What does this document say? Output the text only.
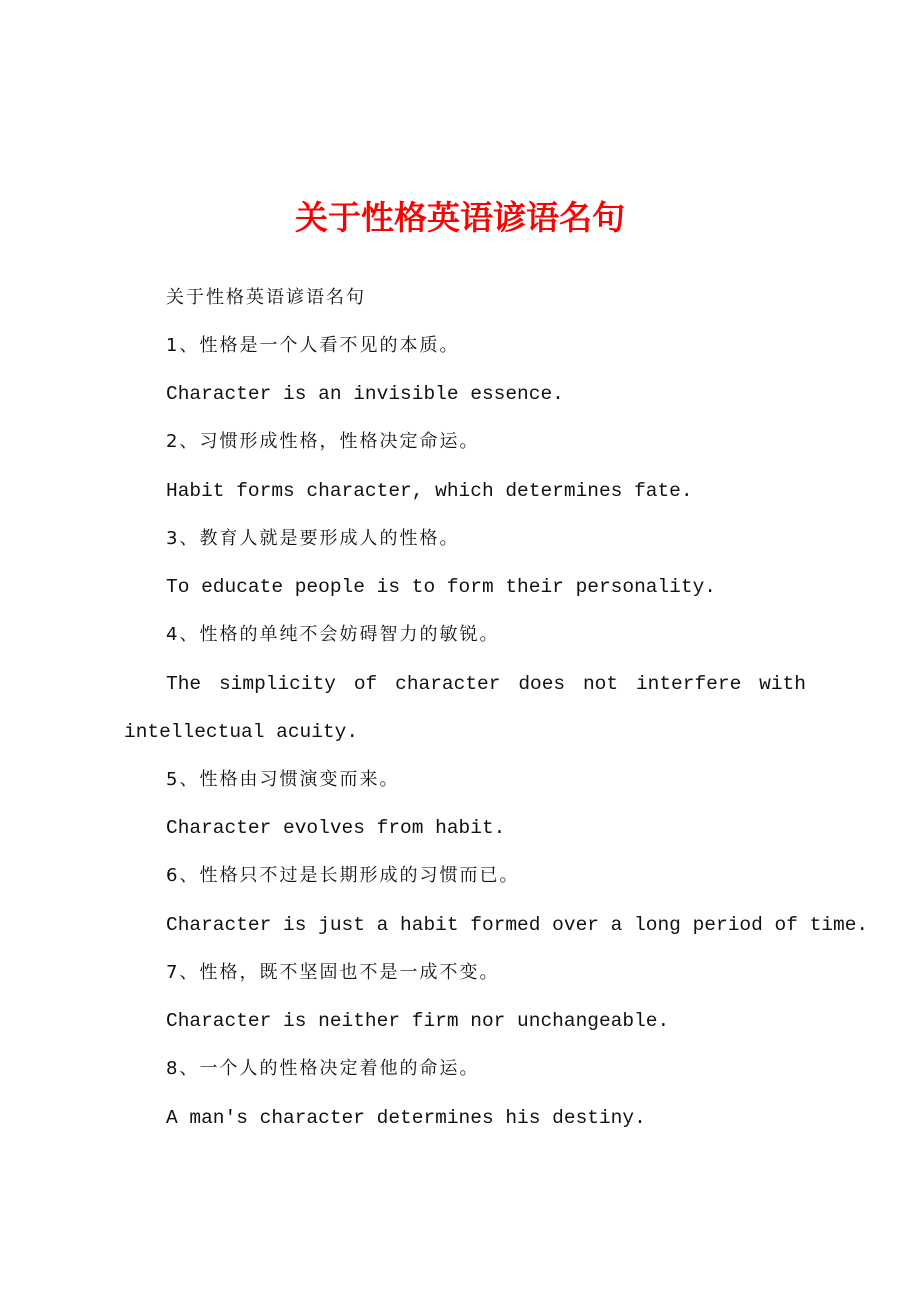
关于性格英语谚语名句
关于性格英语谚语名句
1、性格是一个人看不见的本质。
Character is an invisible essence.
2、习惯形成性格，性格决定命运。
Habit forms character, which determines fate.
3、教育人就是要形成人的性格。
To educate people is to form their personality.
4、性格的单纯不会妨碍智力的敏锐。
The simplicity of character does not interfere with
intellectual acuity.
5、性格由习惯演变而来。
Character evolves from habit.
6、性格只不过是长期形成的习惯而已。
Character is just a habit formed over a long period of time.
7、性格，既不坚固也不是一成不变。
Character is neither firm nor unchangeable.
8、一个人的性格决定着他的命运。
A man's character determines his destiny.
